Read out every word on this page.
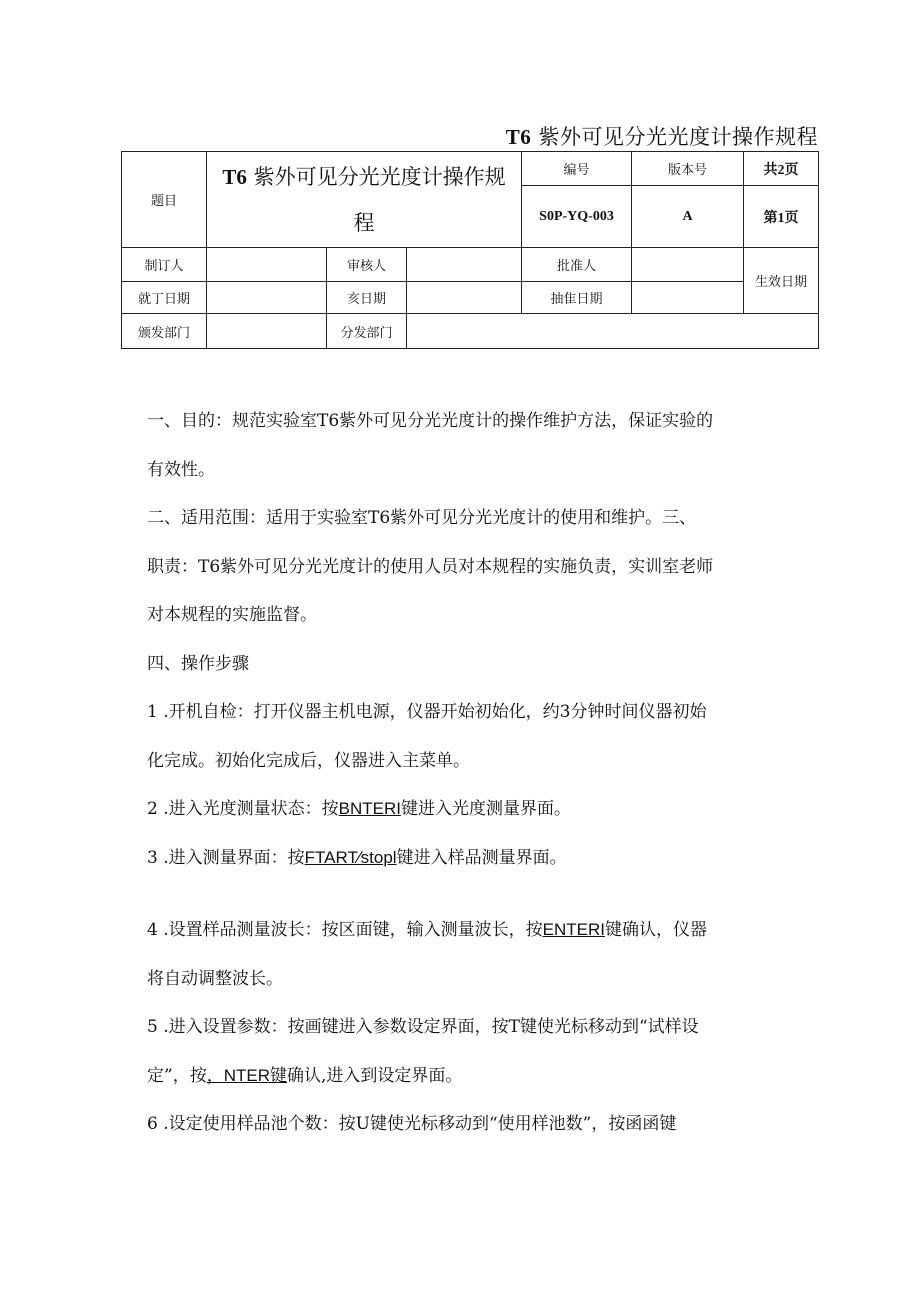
T6 紫外可见分光光度计操作规程
题目	T6 紫外可见分光光度计操作规
程			编号	版本号	共2页
				S0P-YQ-003	A	第1页
制订人		审核人		批准人		生效日期
就丁日期		亥日期		抽隹日期		
颁发部门		分发部门				

一、目的：规范实验室T6紫外可见分光光度计的操作维护方法，保证实验的

有效性。

二、适用范围：适用于实验室T6紫外可见分光光度计的使用和维护。三、

职责：T6紫外可见分光光度计的使用人员对本规程的实施负责，实训室老师

对本规程的实施监督。

四、操作步骤

1 .开机自检：打开仪器主机电源，仪器开始初始化，约3分钟时间仪器初始

化完成。初始化完成后，仪器进入主菜单。

2 .进入光度测量状态：按BNTERI键进入光度测量界面。

3 .进入测量界面：按FTART∕stopl键进入样品测量界面。

4 .设置样品测量波长：按区面键，输入测量波长，按ENTERI键确认，仪器

将自动调整波长。

5 .进入设置参数：按画键进入参数设定界面，按T键使光标移动到“试样设

定”，按，NTER键确认,进入到设定界面。

6 .设定使用样品池个数：按U键使光标移动到“使用样池数”，按函函键
